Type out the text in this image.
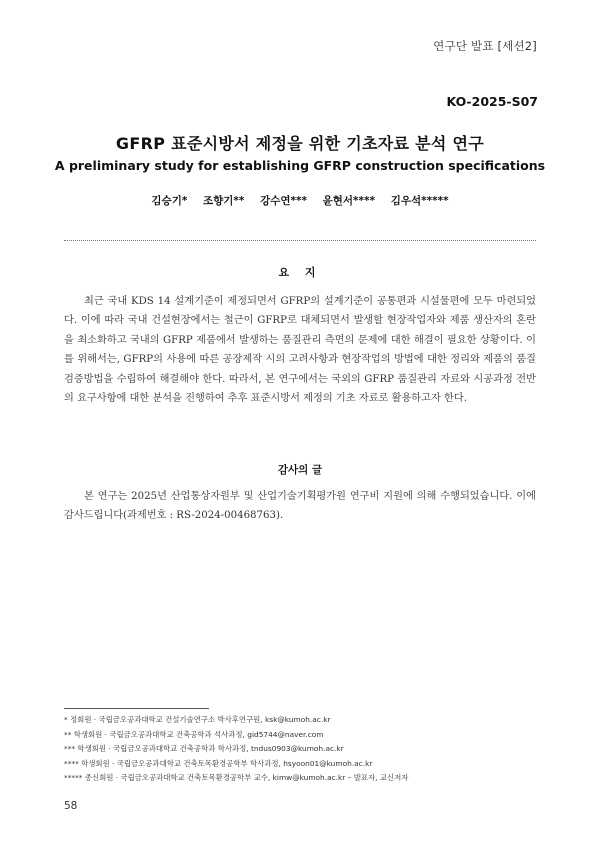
연구단 발표 [세션2]
KO-2025-S07
GFRP 표준시방서 제정을 위한 기초자료 분석 연구
A preliminary study for establishing GFRP construction specifications
김승기* 조향기** 강수연*** 윤현서**** 김우석*****
요 지

최근 국내 KDS 14 설계기준이 제정되면서 GFRP의 설계기준이 공통편과 시설물편에 모두 마련되었다. 이에 따라 국내 건설현장에서는 철근이 GFRP로 대체되면서 발생할 현장작업자와 제품 생산자의 혼란을 최소화하고 국내의 GFRP 제품에서 발생하는 품질관리 측면의 문제에 대한 해결이 필요한 상황이다. 이를 위해서는, GFRP의 사용에 따른 공장제작 시의 고려사항과 현장작업의 방법에 대한 정리와 제품의 품질검증방법을 수립하여 해결해야 한다. 따라서, 본 연구에서는 국외의 GFRP 품질관리 자료와 시공과정 전반의 요구사항에 대한 분석을 진행하여 추후 표준시방서 제정의 기초 자료로 활용하고자 한다.

감사의 글

본 연구는 2025년 산업통상자원부 및 산업기술기획평가원 연구비 지원에 의해 수행되었습니다. 이에 감사드립니다(과제번호 : RS-2024-00468763).

* 정회원 · 국립금오공과대학교 건설기술연구소 박사후연구원, ksk@kumoh.ac.kr
** 학생회원 · 국립금오공과대학교 건축공학과 석사과정, gid5744@naver.com
*** 학생회원 · 국립금오공과대학교 건축공학과 학사과정, tndus0903@kumoh.ac.kr
**** 학생회원 · 국립금오공과대학교 건축토목환경공학부 학사과정, hsyoon01@kumoh.ac.kr
***** 종신회원 · 국립금오공과대학교 건축토목환경공학부 교수, kimw@kumoh.ac.kr – 발표자, 교신저자
58
